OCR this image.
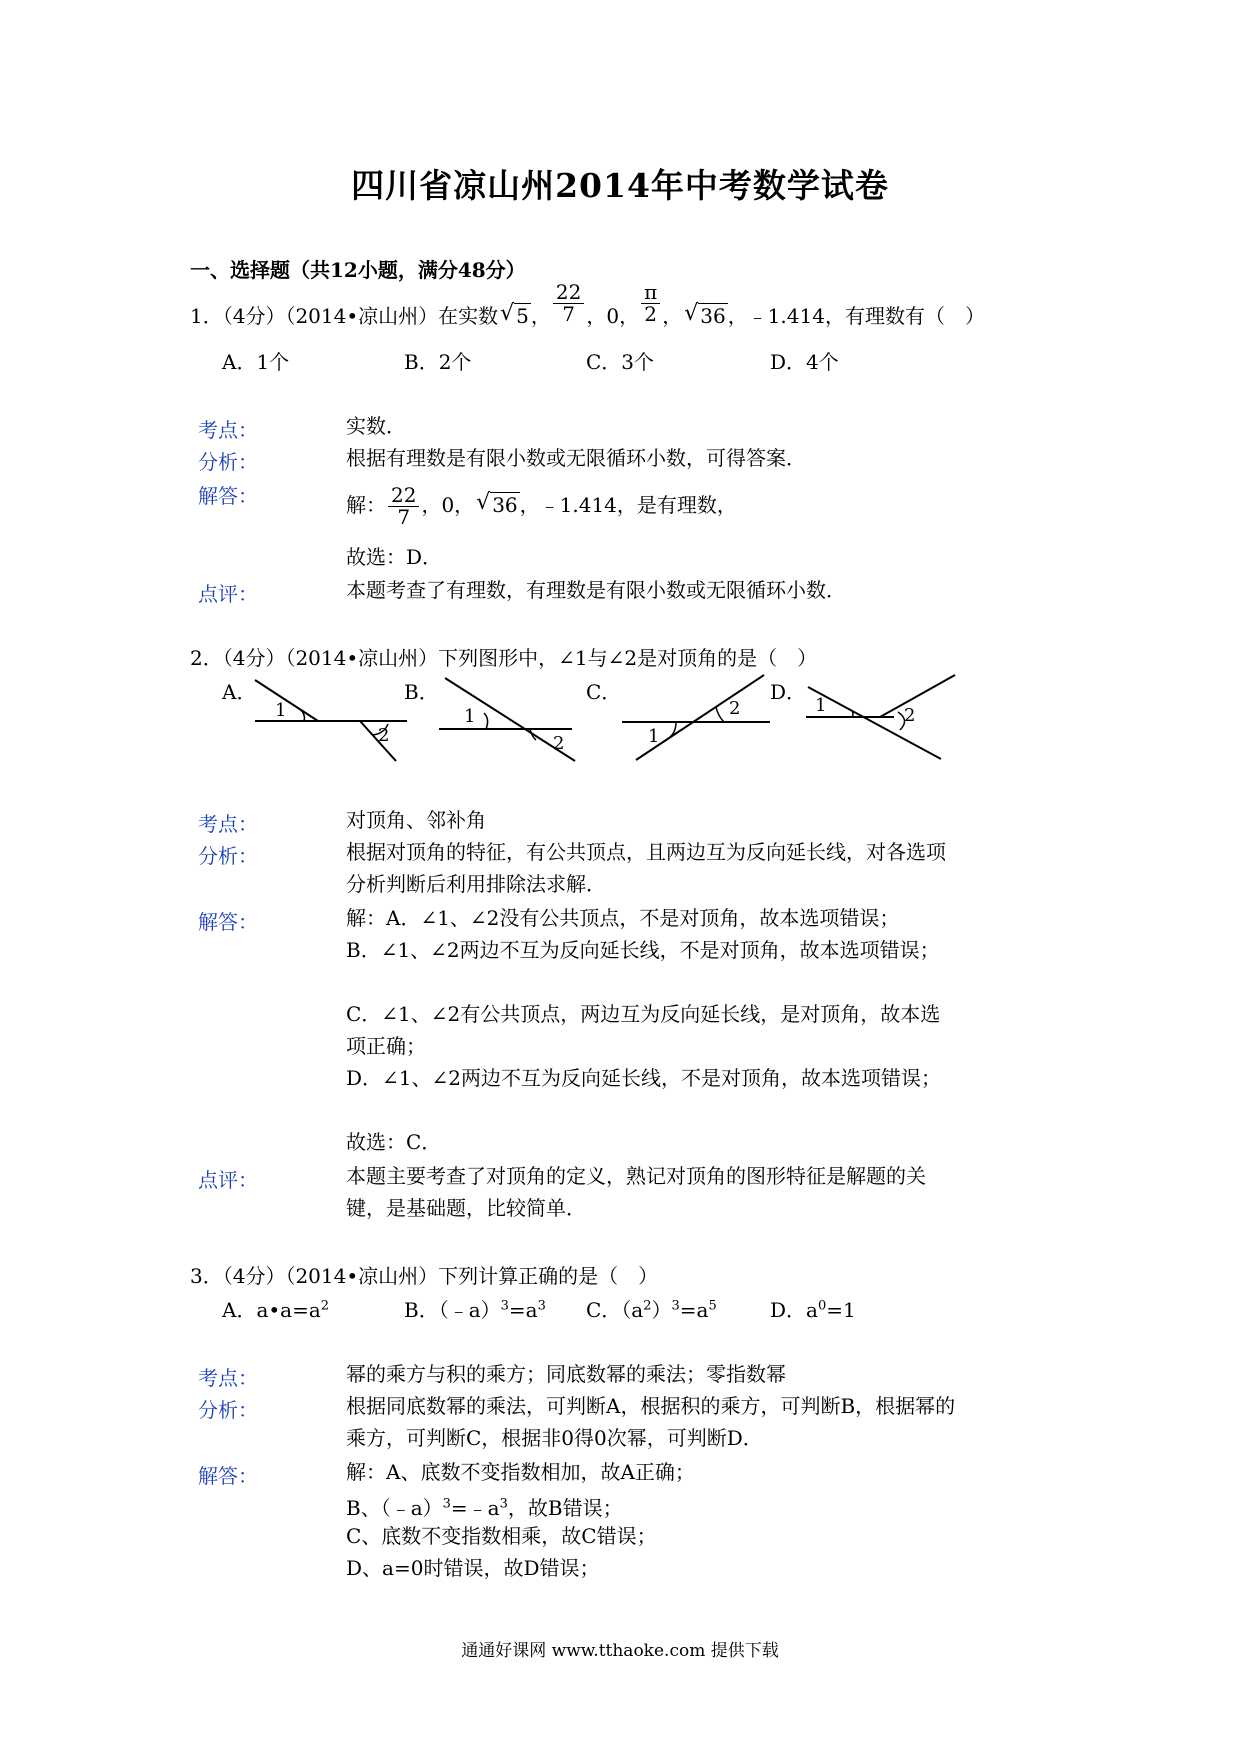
四川省凉山州2014年中考数学试卷
一、选择题（共12小题，满分48分）
1．（4分）（2014•凉山州）在实数 √ 5 ， $\frac{22}{7}$ ，0， $\frac{\pi}{2}$ ， √ 36 ，﹣1.414，有理数有（　）
A．1个	B．2个	C．3个	D．4个
考点：	实数．
分析：	根据有理数是有限小数或无限循环小数，可得答案．
解答：	解： $\frac{22}{7}$ ，0， √ 36 ，﹣1.414，是有理数，
故选：D．
点评：	本题考查了有理数，有理数是有限小数或无限循环小数．
2．（4分）（2014•凉山州）下列图形中，∠1与∠2是对顶角的是（　）
A．	B．	C．	D．
1
2
1
2	1
2	1	2
考点：	对顶角、邻补角
分析：	根据对顶角的特征，有公共顶点，且两边互为反向延长线，对各选项分析判断后利用排除法求解．
解答：	解：A．∠1、∠2没有公共顶点，不是对顶角，故本选项错误；
B．∠1、∠2两边不互为反向延长线，不是对顶角，故本选项错误；
C．∠1、∠2有公共顶点，两边互为反向延长线，是对顶角，故本选项正确；
D．∠1、∠2两边不互为反向延长线，不是对顶角，故本选项错误；
故选：C．
点评：	本题主要考查了对顶角的定义，熟记对顶角的图形特征是解题的关键，是基础题，比较简单．
3．（4分）（2014•凉山州）下列计算正确的是（　）
A．$a•a=a^2$	B．$(﹣a)^3=a^3$ C．$(a^2)^3=a^5$	D．$a^0=1$
考点：	幂的乘方与积的乘方；同底数幂的乘法；零指数幂
分析：	根据同底数幂的乘法，可判断A，根据积的乘方，可判断B，根据幂的乘方，可判断C，根据非0得0次幂，可判断D．
解答：	解：A、底数不变指数相加，故A正确；
B、$(﹣a)^3=﹣a^3$，故B错误；
C、底数不变指数相乘，故C错误；
D、a=0时错误，故D错误；
通通好课网 www.tthaoke.com 提供下载
